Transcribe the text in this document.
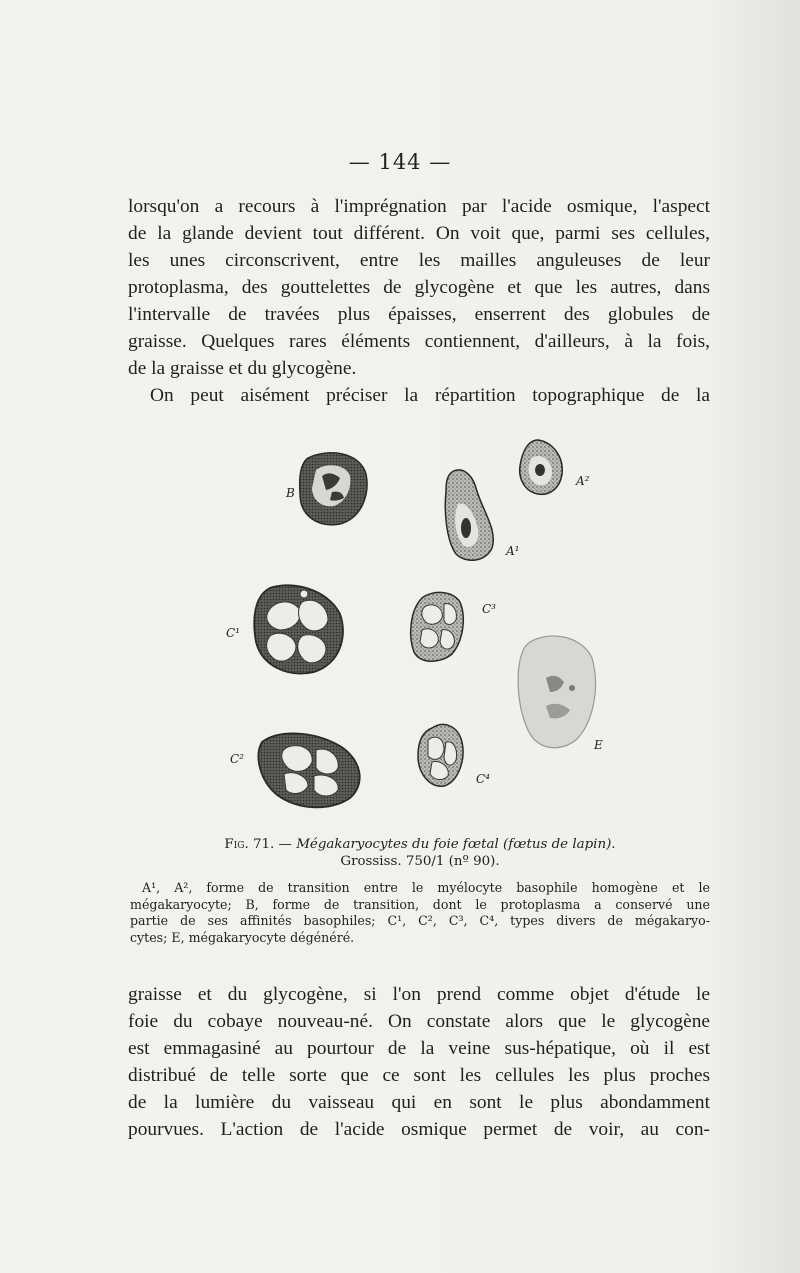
— 144 —
lorsqu'on a recours à l'imprégnation par l'acide osmique, l'aspect
de la glande devient tout différent. On voit que, parmi ses cellules,
les unes circonscrivent, entre les mailles anguleuses de leur
protoplasma, des gouttelettes de glycogène et que les autres, dans
l'intervalle de travées plus épaisses, enserrent des globules de
graisse. Quelques rares éléments contiennent, d'ailleurs, à la fois,
de la graisse et du glycogène.
On peut aisément préciser la répartition topographique de la
B
A²
A¹
C¹
C³
C²
C⁴
E
Fig. 71. — Mégakaryocytes du foie fœtal (fœtus de lapin).
Grossiss. 750/1 (nº 90).
A¹, A², forme de transition entre le myélocyte basophile homogène et le
mégakaryocyte; B, forme de transition, dont le protoplasma a conservé une
partie de ses affinités basophiles; C¹, C², C³, C⁴, types divers de mégakaryo-
cytes; E, mégakaryocyte dégénéré.
graisse et du glycogène, si l'on prend comme objet d'étude le
foie du cobaye nouveau-né. On constate alors que le glycogène
est emmagasiné au pourtour de la veine sus-hépatique, où il est
distribué de telle sorte que ce sont les cellules les plus proches
de la lumière du vaisseau qui en sont le plus abondamment
pourvues. L'action de l'acide osmique permet de voir, au con-
